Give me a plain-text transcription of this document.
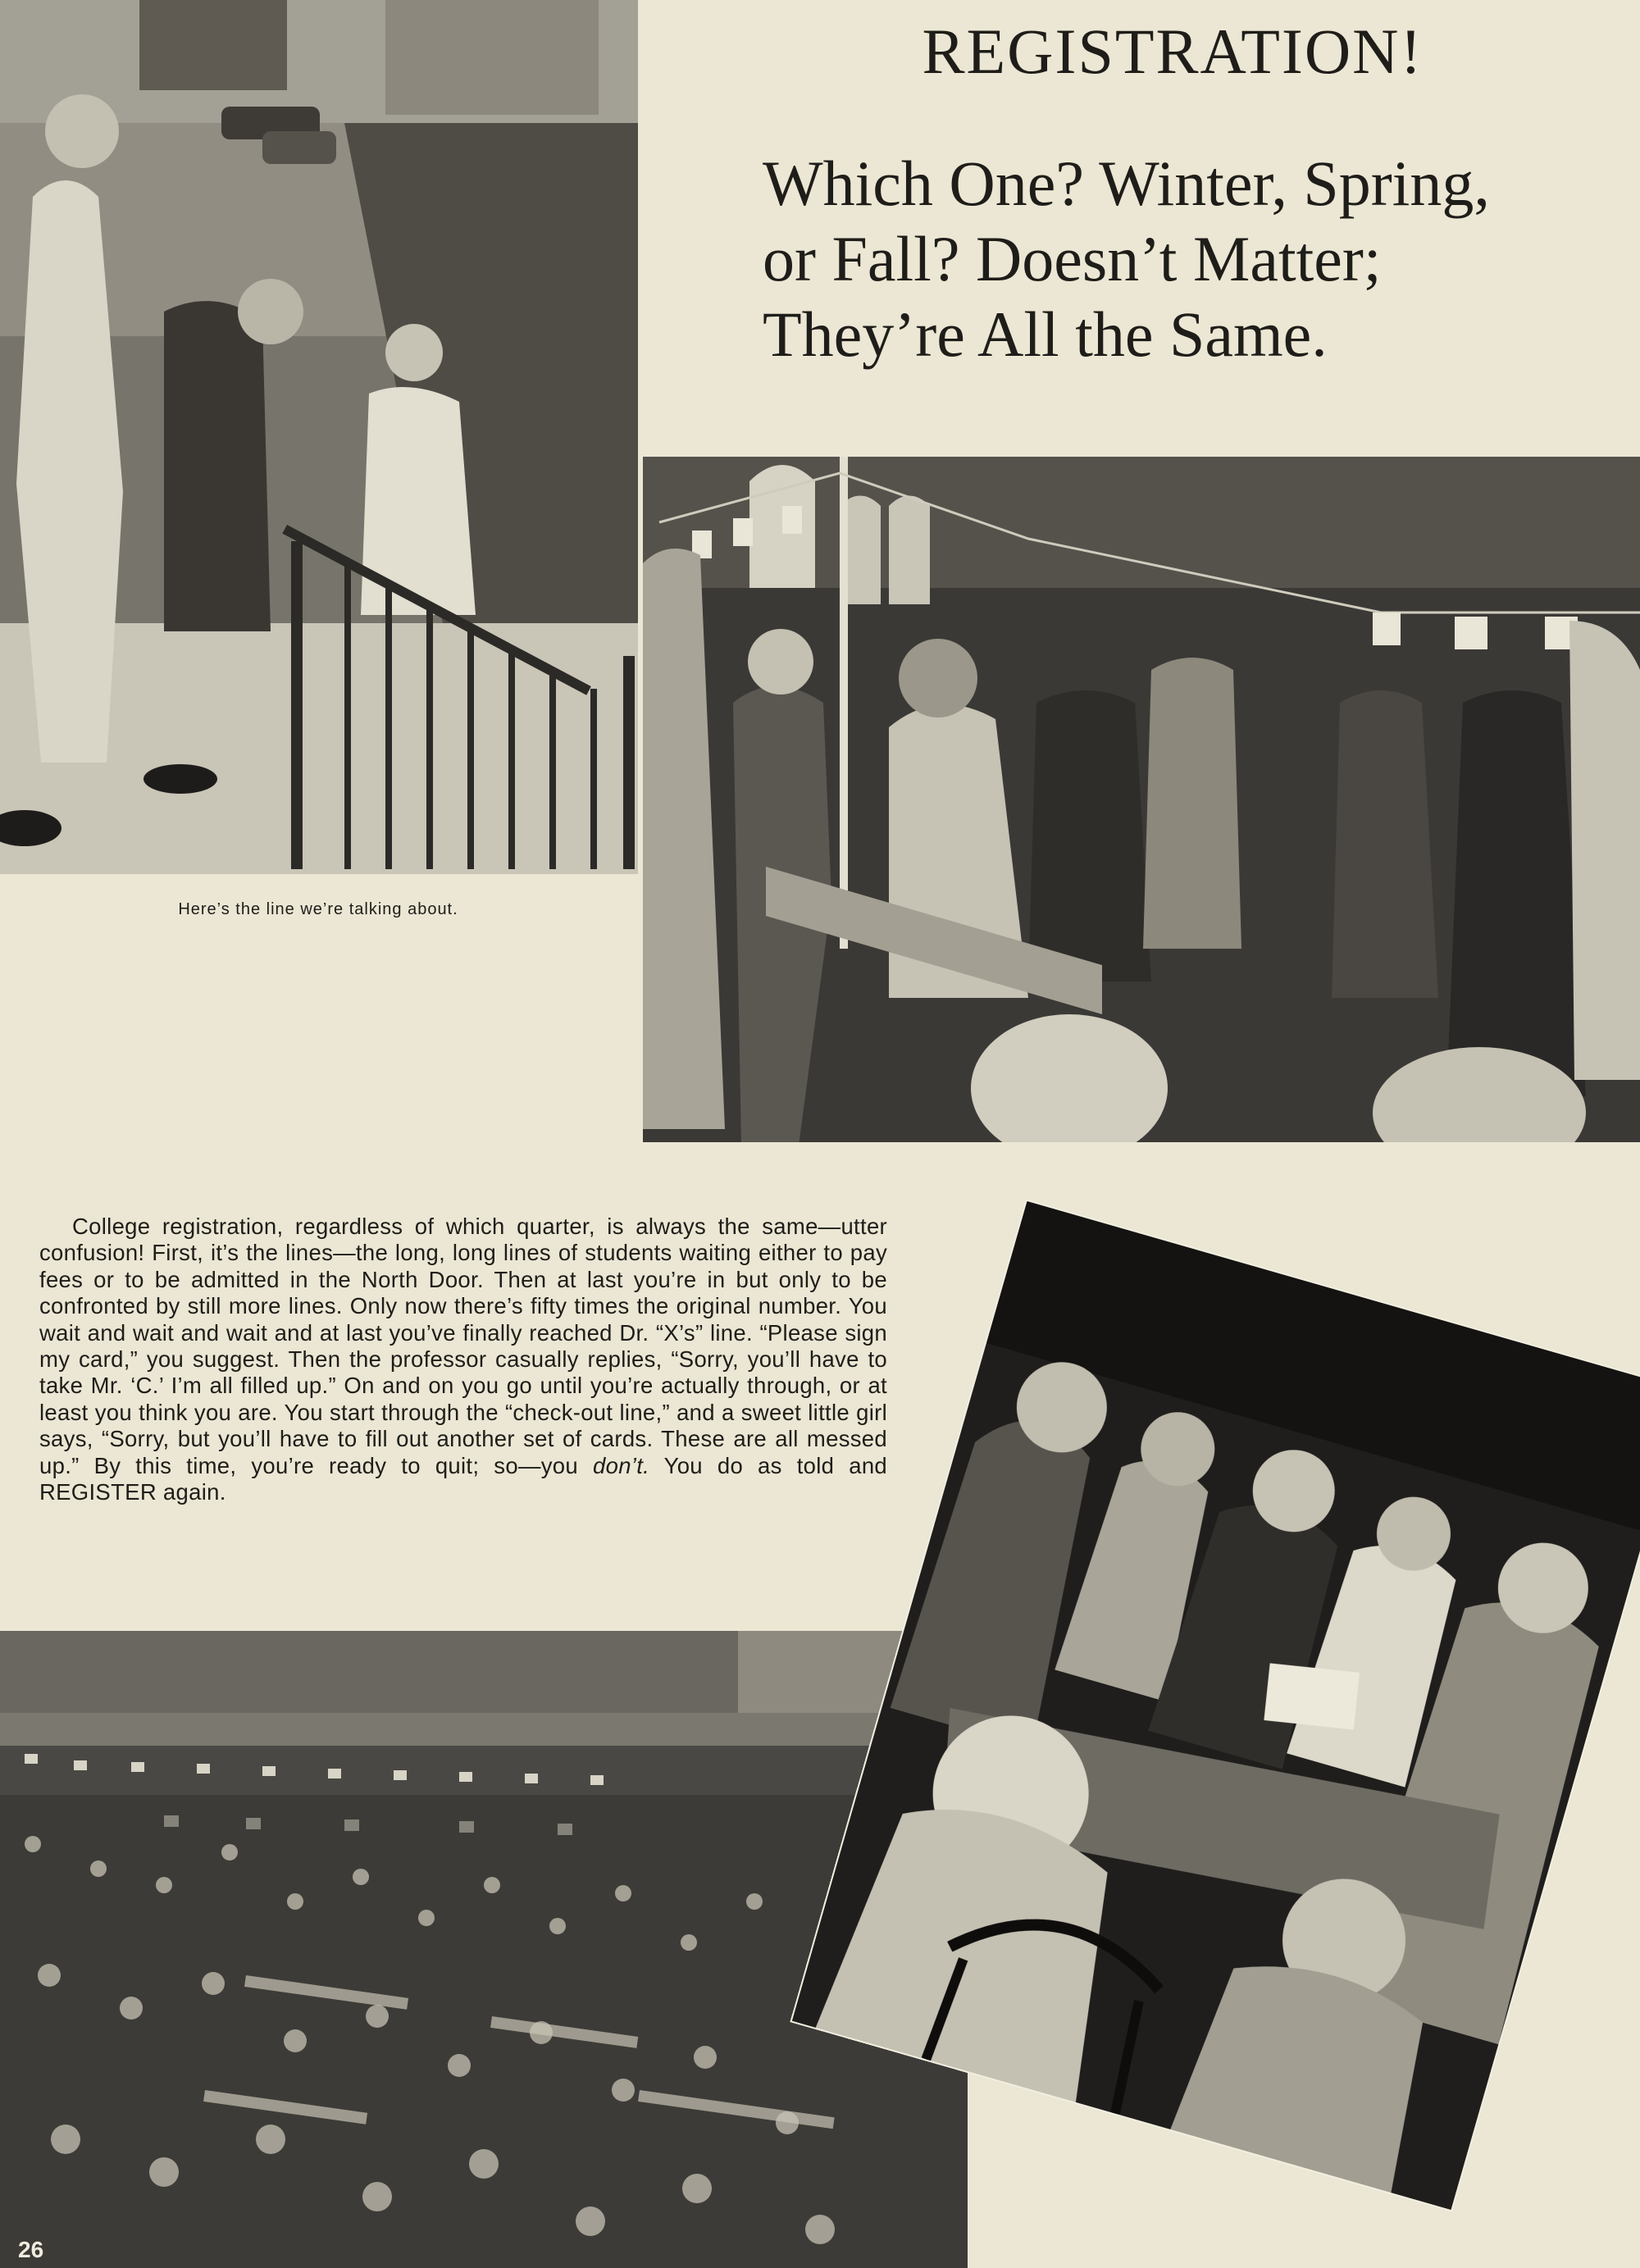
REGISTRATION!
Which One? Winter, Spring,
or Fall? Doesn’t Matter;
They’re All the Same.
Here’s the line we’re talking about.

College registration, regardless of which quarter, is always the same—utter confusion! First, it’s the lines—the long, long lines of students waiting either to pay fees or to be admitted in the North Door. Then at last you’re in but only to be confronted by still more lines. Only now there’s fifty times the original number. You wait and wait and wait and at last you’ve finally reached Dr. “X’s” line. “Please sign my card,” you suggest. Then the professor casually replies, “Sorry, you’ll have to take Mr. ‘C.’ I’m all filled up.” On and on you go until you’re actually through, or at least you think you are. You start through the “check-out line,” and a sweet little girl says, “Sorry, but you’ll have to fill out another set of cards. These are all messed up.” By this time, you’re ready to quit; so—you don’t. You do as told and REGISTER again.

26
